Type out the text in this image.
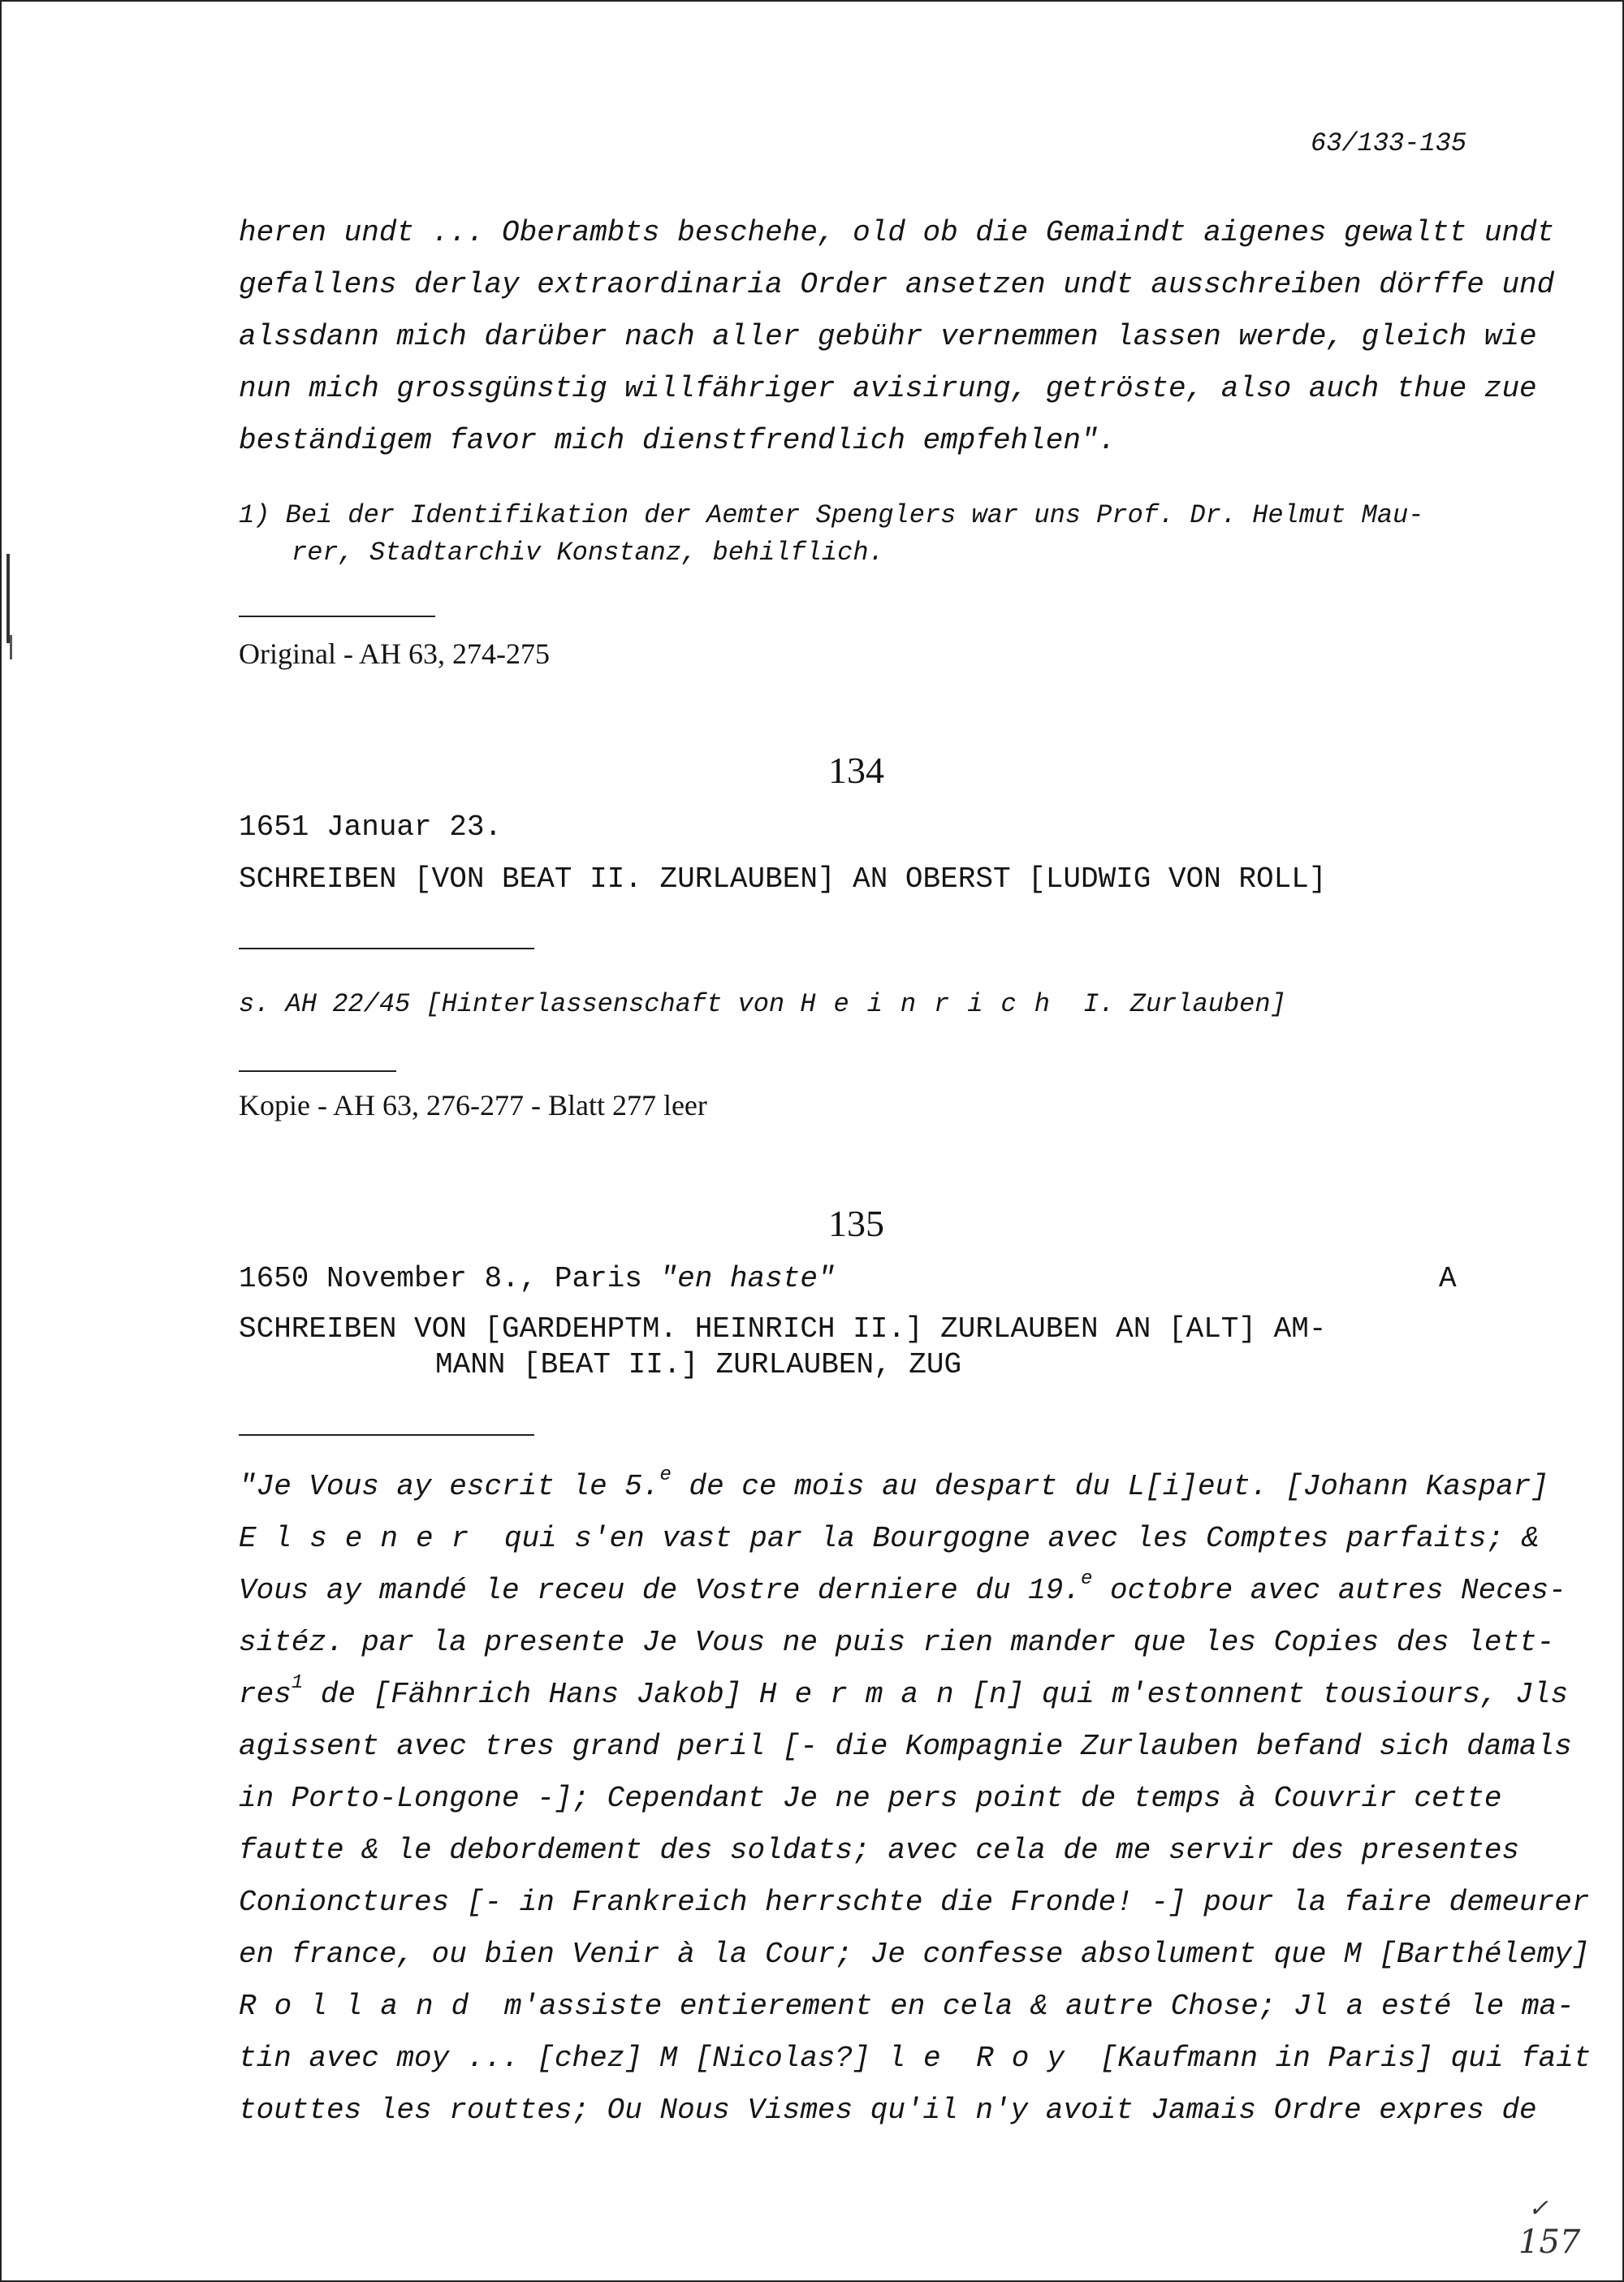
63/133-135
heren undt ... Oberambts beschehe, old ob die Gemaindt aigenes gewaltt undt
gefallens derlay extraordinaria Order ansetzen undt ausschreiben dörffe und
alssdann mich darüber nach aller gebühr vernemmen lassen werde, gleich wie
nun mich grossgünstig willfähriger avisirung, getröste, also auch thue zue
beständigem favor mich dienstfrendlich empfehlen".
1) Bei der Identifikation der Aemter Spenglers war uns Prof. Dr. Helmut Mau-
rer, Stadtarchiv Konstanz, behilflich.
Original - AH 63, 274-275
134
1651 Januar 23.
SCHREIBEN [VON BEAT II. ZURLAUBEN] AN OBERST [LUDWIG VON ROLL]
s. AH 22/45 [Hinterlassenschaft von Heinrich I. Zurlauben]
Kopie - AH 63, 276-277 - Blatt 277 leer
135
1650 November 8., Paris "en haste"	A
SCHREIBEN VON [GARDEHPTM. HEINRICH II.] ZURLAUBEN AN [ALT] AM-
MANN [BEAT II.] ZURLAUBEN, ZUG
"Je Vous ay escrit le 5.$^e$ de ce mois au despart du L[i]eut. [Johann Kaspar]
Elsener qui s'en vast par la Bourgogne avec les Comptes parfaits; &
Vous ay mandé le receu de Vostre derniere du 19.$^e$ octobre avec autres Neces-
sitéz. par la presente Je Vous ne puis rien mander que les Copies des lett-
res$^1$ de [Fähnrich Hans Jakob] Herman[n] qui m'estonnent tousiours, Jls
agissent avec tres grand peril [- die Kompagnie Zurlauben befand sich damals
in Porto-Longone -]; Cependant Je ne pers point de temps à Couvrir cette
fautte & le debordement des soldats; avec cela de me servir des presentes
Conionctures [- in Frankreich herrschte die Fronde! -] pour la faire demeurer
en france, ou bien Venir à la Cour; Je confesse absolument que M [Barthélemy]
Rolland m'assiste entierement en cela & autre Chose; Jl a esté le ma-
tin avec moy ... [chez] M [Nicolas?] le Roy [Kaufmann in Paris] qui fait
touttes les routtes; Ou Nous Vismes qu'il n'y avoit Jamais Ordre expres de
✓
157
